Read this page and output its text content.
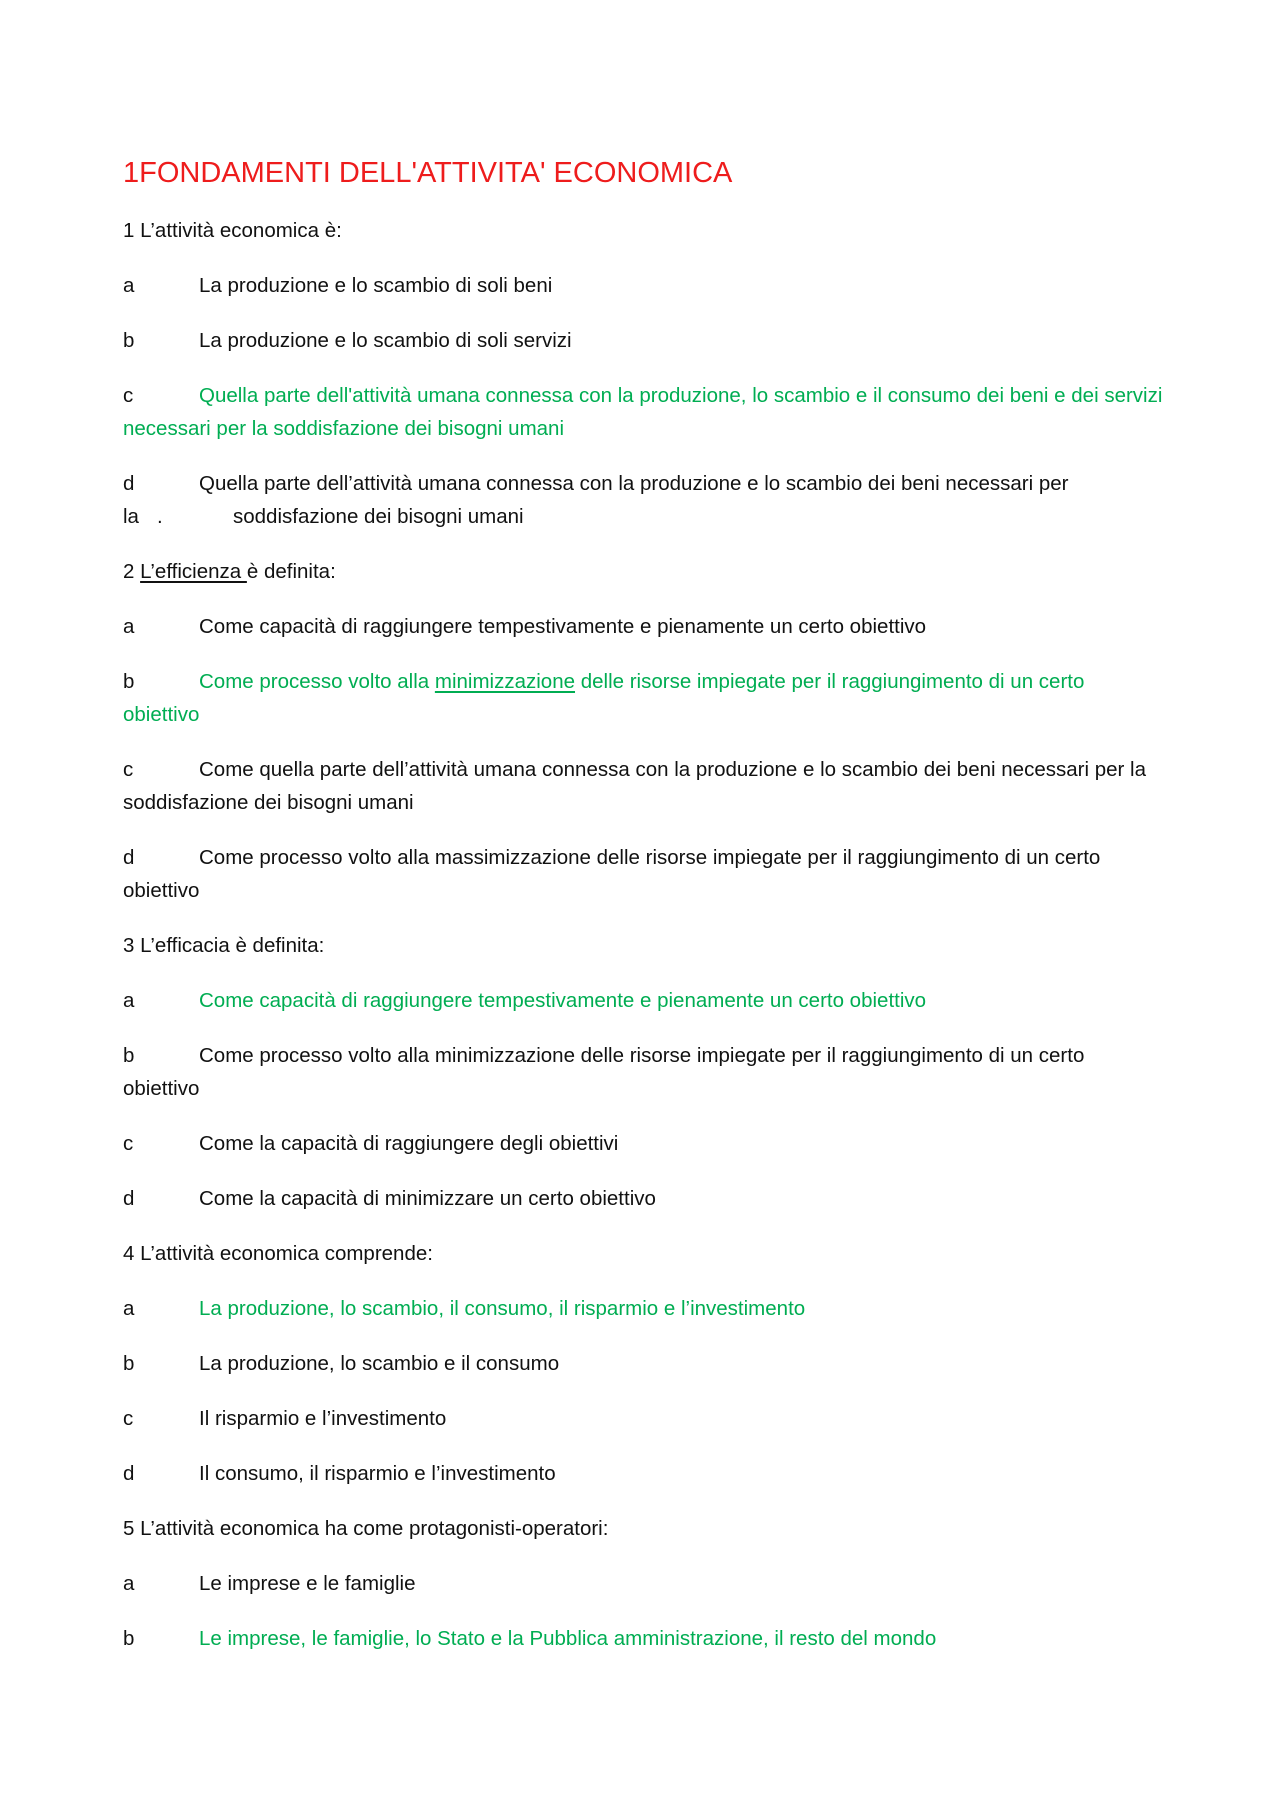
1FONDAMENTI DELL'ATTIVITA' ECONOMICA
1 L’attività economica è:
a	La produzione e lo scambio di soli beni
b	La produzione e lo scambio di soli servizi
c	Quella parte dell'attività umana connessa con la produzione, lo scambio e il consumo dei beni e dei servizi necessari per la soddisfazione dei bisogni umani
d	Quella parte dell’attività umana connessa con la produzione e lo scambio dei beni necessari per
la .	soddisfazione dei bisogni umani
2 L’efficienza è definita:
a	Come capacità di raggiungere tempestivamente e pienamente un certo obiettivo
b	Come processo volto alla minimizzazione delle risorse impiegate per il raggiungimento di un certo obiettivo
c	Come quella parte dell’attività umana connessa con la produzione e lo scambio dei beni necessari per la soddisfazione dei bisogni umani
d	Come processo volto alla massimizzazione delle risorse impiegate per il raggiungimento di un certo obiettivo
3 L’efficacia è definita:
a	Come capacità di raggiungere tempestivamente e pienamente un certo obiettivo
b	Come processo volto alla minimizzazione delle risorse impiegate per il raggiungimento di un certo obiettivo
c	Come la capacità di raggiungere degli obiettivi
d	Come la capacità di minimizzare un certo obiettivo
4 L’attività economica comprende:
a	La produzione, lo scambio, il consumo, il risparmio e l’investimento
b	La produzione, lo scambio e il consumo
c	Il risparmio e l’investimento
d	Il consumo, il risparmio e l’investimento
5 L’attività economica ha come protagonisti-operatori:
a	Le imprese e le famiglie
b	Le imprese, le famiglie, lo Stato e la Pubblica amministrazione, il resto del mondo
